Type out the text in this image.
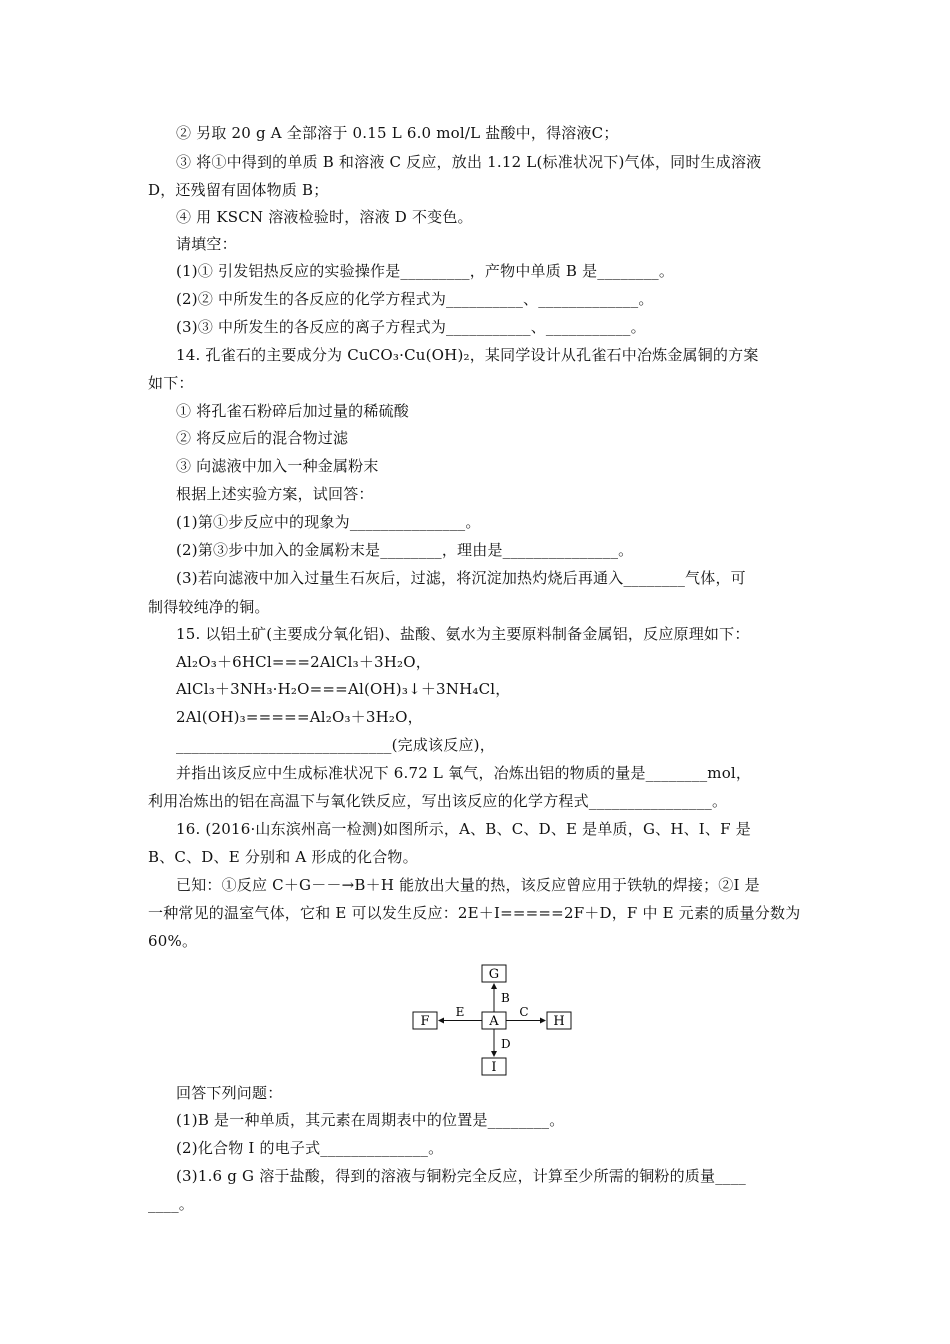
② 另取 20 g A 全部溶于 0.15 L 6.0 mol/L 盐酸中，得溶液C；
③ 将①中得到的单质 B 和溶液 C 反应，放出 1.12 L(标准状况下)气体，同时生成溶液
D，还残留有固体物质 B；
④ 用 KSCN 溶液检验时，溶液 D 不变色。
请填空：
(1)① 引发铝热反应的实验操作是_________，产物中单质 B 是________。
(2)② 中所发生的各反应的化学方程式为__________、_____________。
(3)③ 中所发生的各反应的离子方程式为___________、___________。
14. 孔雀石的主要成分为 CuCO₃·Cu(OH)₂，某同学设计从孔雀石中冶炼金属铜的方案
如下：
① 将孔雀石粉碎后加过量的稀硫酸
② 将反应后的混合物过滤
③ 向滤液中加入一种金属粉末
根据上述实验方案，试回答：
(1)第①步反应中的现象为_______________。
(2)第③步中加入的金属粉末是________，理由是_______________。
(3)若向滤液中加入过量生石灰后，过滤，将沉淀加热灼烧后再通入________气体，可
制得较纯净的铜。
15. 以铝土矿(主要成分氧化铝)、盐酸、氨水为主要原料制备金属铝，反应原理如下：
Al₂O₃＋6HCl===2AlCl₃＋3H₂O，
AlCl₃＋3NH₃·H₂O===Al(OH)₃↓＋3NH₄Cl，
2Al(OH)₃=====Al₂O₃＋3H₂O，
____________________________(完成该反应)，
并指出该反应中生成标准状况下 6.72 L 氧气，冶炼出铝的物质的量是________mol，
利用冶炼出的铝在高温下与氧化铁反应，写出该反应的化学方程式________________。
16. (2016·山东滨州高一检测)如图所示，A、B、C、D、E 是单质，G、H、I、F 是
B、C、D、E 分别和 A 形成的化合物。
已知：①反应 C＋G－－→B＋H 能放出大量的热，该反应曾应用于铁轨的焊接；②I 是
一种常见的温室气体，它和 E 可以发生反应：2E＋I=====2F＋D，F 中 E 元素的质量分数为
60%。
G
A
F	H
I
B
D
E	C
回答下列问题：
(1)B 是一种单质，其元素在周期表中的位置是________。
(2)化合物 I 的电子式______________。
(3)1.6 g G 溶于盐酸，得到的溶液与铜粉完全反应，计算至少所需的铜粉的质量____
____。
